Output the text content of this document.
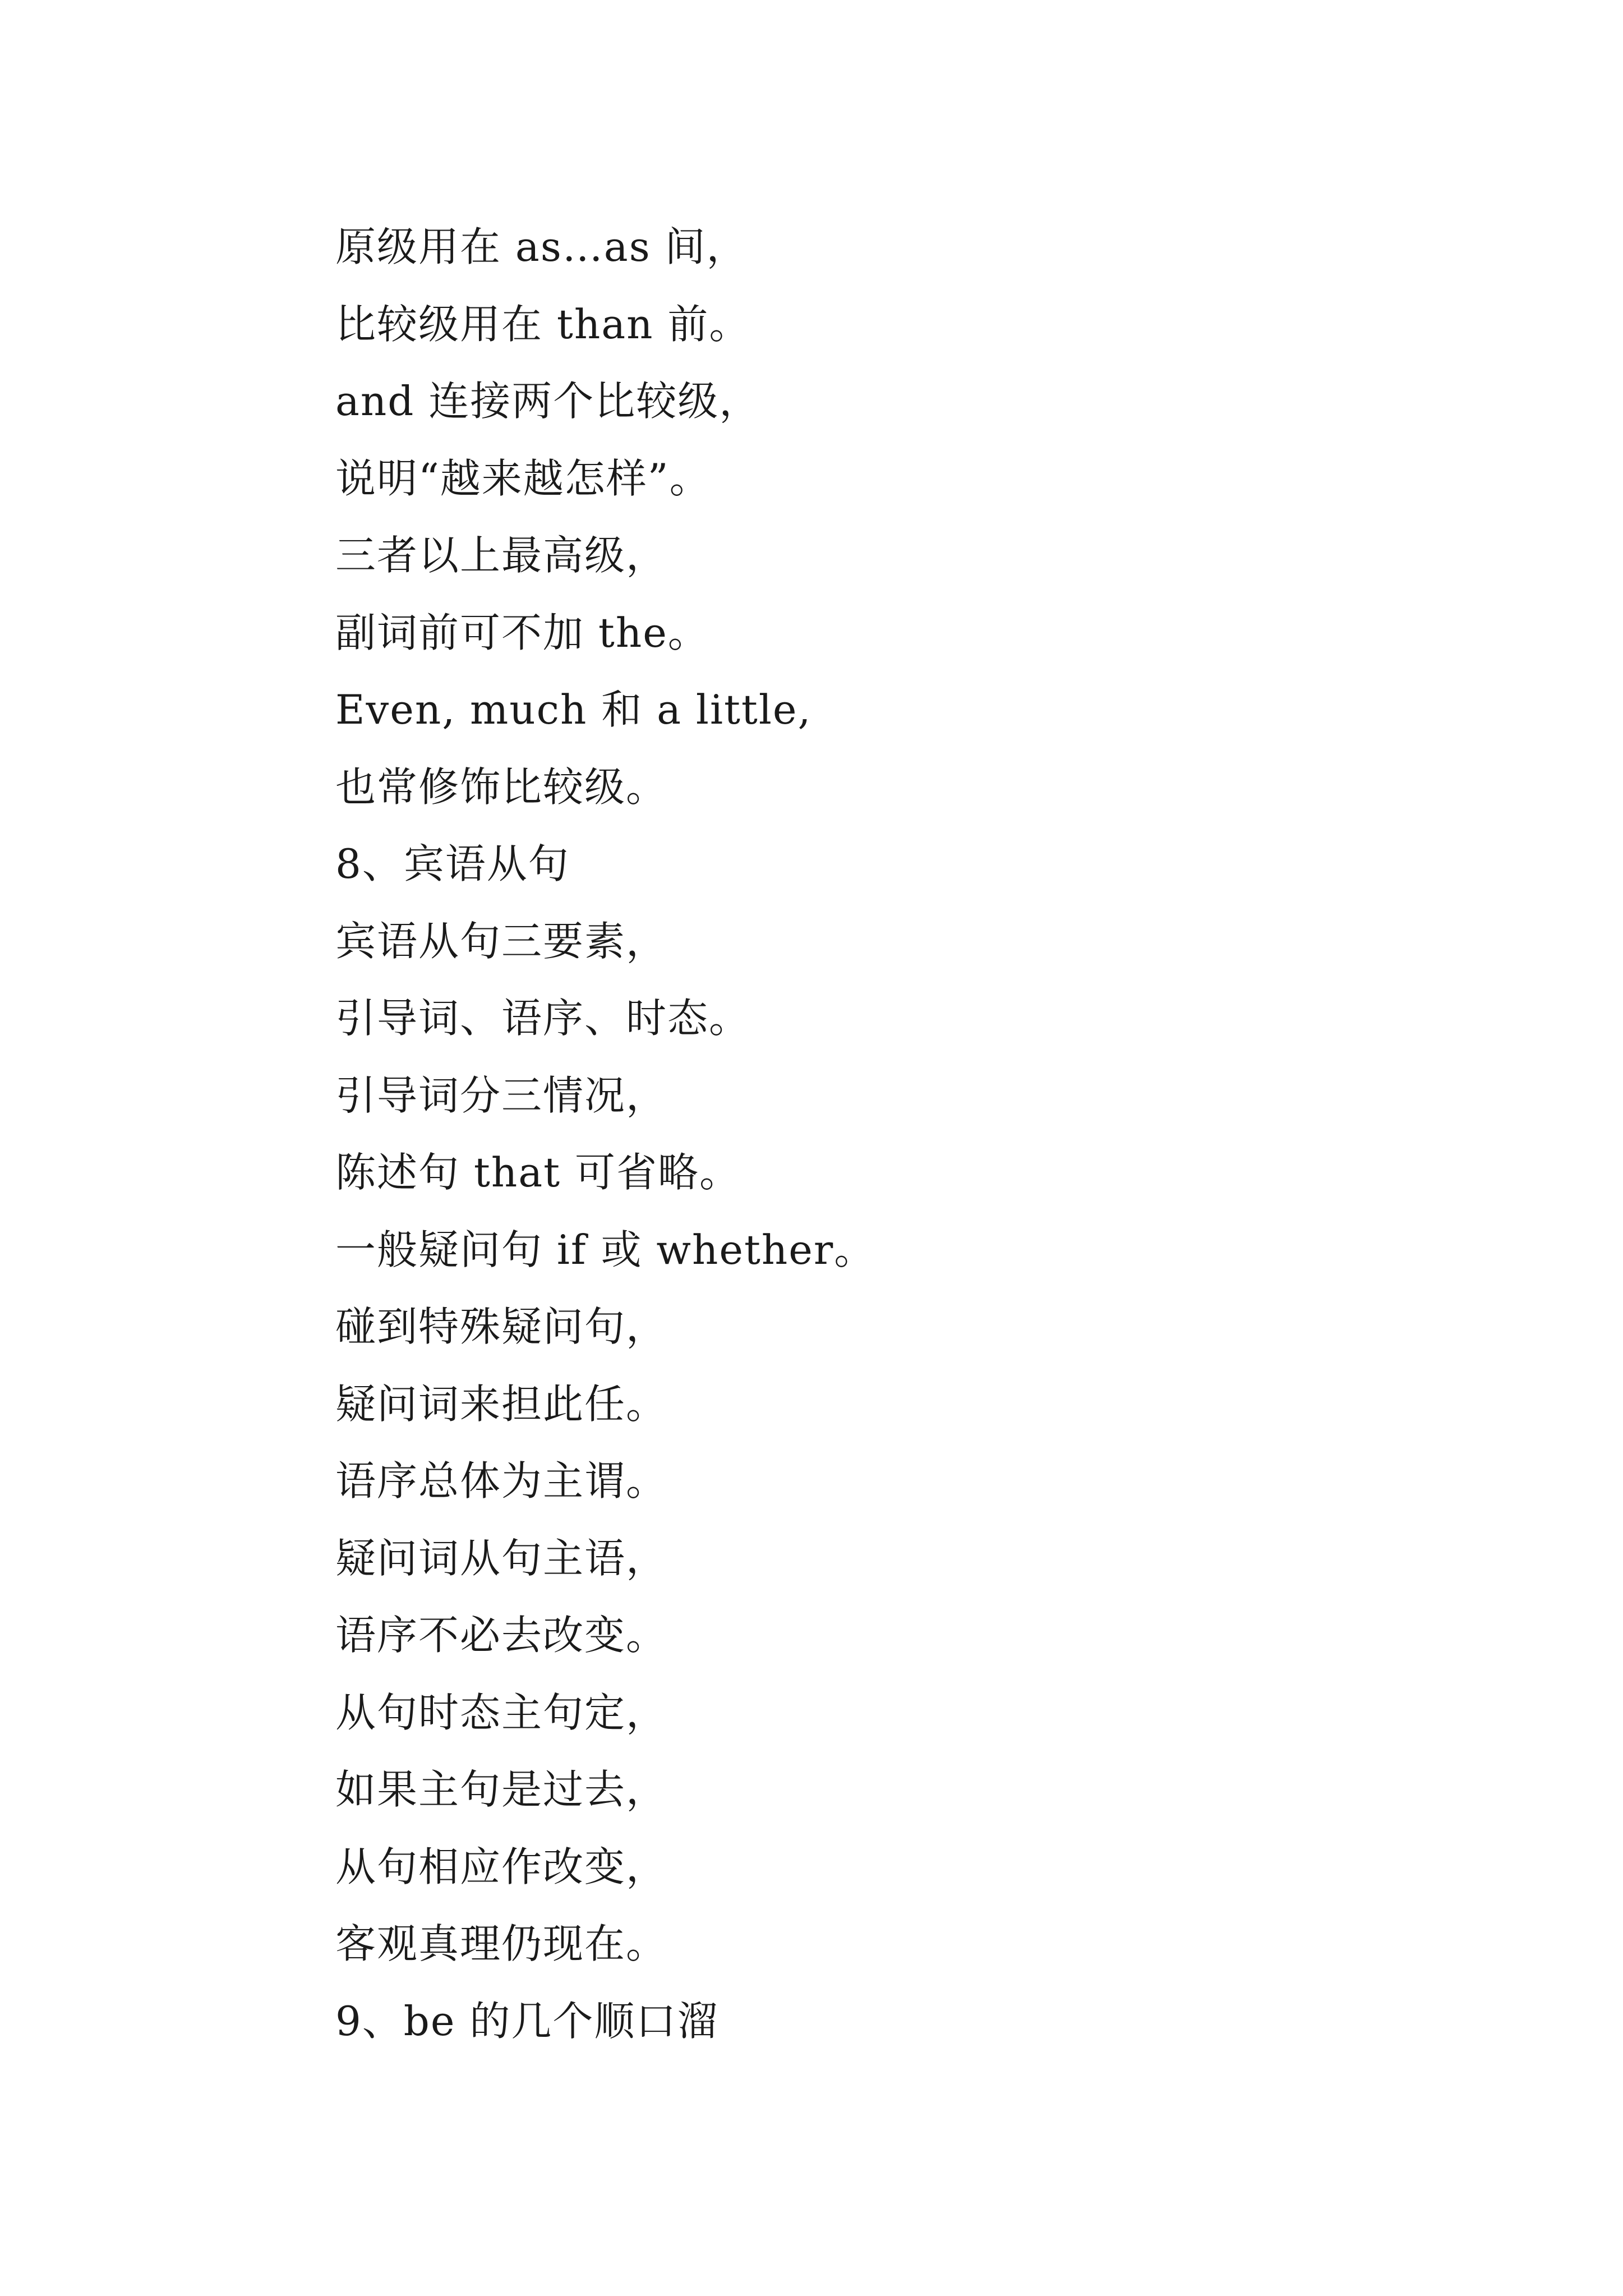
原级用在 as…as 间，
比较级用在 than 前。
and 连接两个比较级，
说明“越来越怎样”。
三者以上最高级，
副词前可不加 the。
Even, much 和 a little,
也常修饰比较级。
8、宾语从句
宾语从句三要素，
引导词、语序、时态。
引导词分三情况，
陈述句 that 可省略。
一般疑问句 if 或 whether。
碰到特殊疑问句，
疑问词来担此任。
语序总体为主谓。
疑问词从句主语，
语序不必去改变。
从句时态主句定，
如果主句是过去，
从句相应作改变，
客观真理仍现在。
9、be 的几个顺口溜
